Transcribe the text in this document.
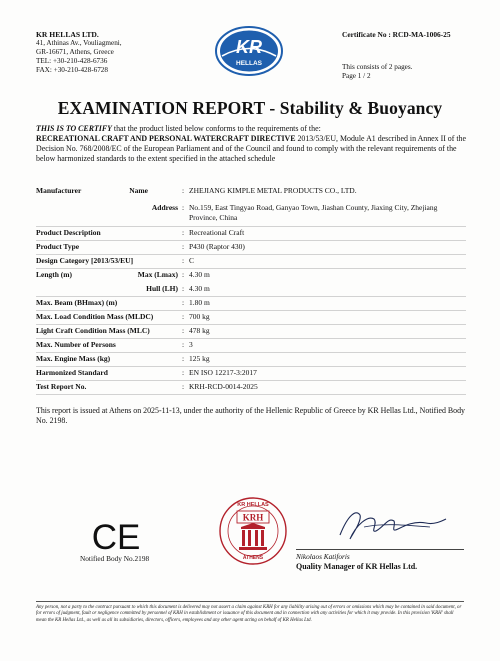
KR HELLAS LTD.
41, Athinas Av., Vouliagmeni,
GR-16671, Athens, Greece
TEL: +30-210-428-6736
FAX: +30-210-428-6728
KR
HELLAS
Certificate No : RCD-MA-1006-25
This consists of 2 pages.
Page 1 / 2
EXAMINATION REPORT - Stability & Buoyancy
THIS IS TO CERTIFY that the product listed below conforms to the requirements of the:
RECREATIONAL CRAFT AND PERSONAL WATERCRAFT DIRECTIVE 2013/53/EU, Module A1 described in Annex II of the Decision No. 768/2008/EC of the European Parliament and of the Council and found to comply with the relevant requirements of the below harmonized standards to the extent specified in the attached schedule
Manufacturer	Name	: ZHEJIANG KIMPLE METAL PRODUCTS CO., LTD.
Address : No.159, East Tingyao Road, Ganyao Town, Jiashan County, Jiaxing City, Zhejiang
Province, China
Product Description	: Recreational Craft
Product Type	: P430 (Raptor 430)
Design Category [2013/53/EU]	: C
Length (m)	Max (Lmax) : 4.30 m
Hull (LH) : 4.30 m
Max. Beam (BHmax) (m)	: 1.80 m
Max. Load Condition Mass (MLDC)	: 700 kg
Light Craft Condition Mass (MLC)	: 478 kg
Max. Number of Persons	: 3
Max. Engine Mass (kg)	: 125 kg
Harmonized Standard	: EN ISO 12217-3:2017
Test Report No.	: KRH-RCD-0014-2025
This report is issued at Athens on 2025-11-13, under the authority of the Hellenic Republic of Greece by KR Hellas Ltd., Notified Body No. 2198.
CE
Notified Body No.2198
KR HELLAS
KRH
ATHENS	Nikolaos Katiforis
Quality Manager of KR Hellas Ltd.
Any person, not a party to the contract pursuant to which this document is delivered may not assert a claim against KRH for any liability arising out of errors or omissions which may be contained in said document, or for errors of judgment, fault or negligence committed by personnel of KRH in establishment or issuance of this document and in connection with any activities for which it may provide. In this provision 'KRH' shall mean the KR Hellas Ltd., as well as all its subsidiaries, directors, officers, employees and any other agent acting on behalf of KR Hellas Ltd.
